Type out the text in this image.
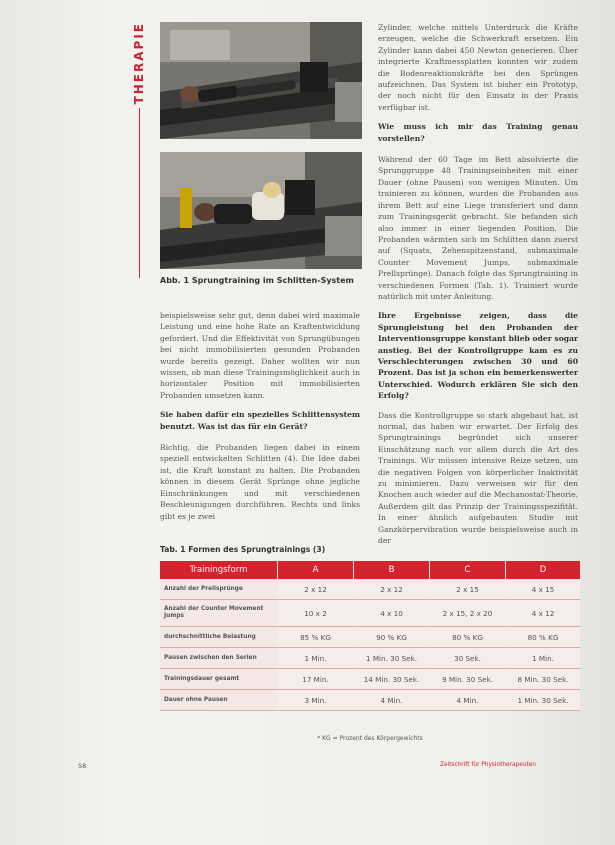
THERAPIE
Abb. 1 Sprungtraining im Schlitten-System

beispielsweise sehr gut, denn dabei wird maximale Leistung und eine hohe Rate an Kraftentwicklung gefordert. Und die Effektivität von Sprungübungen bei nicht immobilisierten gesunden Probanden wurde bereits gezeigt. Daher wollten wir nun wissen, ob man diese Trainingsmöglichkeit auch in horizontaler Position mit immobilisierten Probanden umsetzen kann.

Sie haben dafür ein spezielles Schlittensystem benutzt. Was ist das für ein Gerät?

Richtig, die Probanden liegen dabei in einem speziell entwickelten Schlitten (4). Die Idee dabei ist, die Kraft konstant zu halten. Die Probanden können in diesem Gerät Sprünge ohne jegliche Einschränkungen und mit verschiedenen Beschleunigungen durchführen. Rechts und links gibt es je zwei

Zylinder, welche mittels Unterdruck die Kräfte erzeugen, welche die Schwerkraft ersetzen. Ein Zylinder kann dabei 450 Newton generieren. Über integrierte Kraftmessplatten konnten wir zudem die Bodenreaktionskräfte bei den Sprüngen aufzeichnen. Das System ist bisher ein Prototyp, der noch nicht für den Einsatz in der Praxis verfügbar ist.

Wie muss ich mir das Training genau vorstellen?

Während der 60 Tage im Bett absolvierte die Sprunggruppe 48 Trainingseinheiten mit einer Dauer (ohne Pausen) von wenigen Minuten. Um trainieren zu können, wurden die Probanden aus ihrem Bett auf eine Liege transferiert und dann zum Trainingsgerät gebracht. Sie befanden sich also immer in einer liegenden Position. Die Probanden wärmten sich im Schlitten dann zuerst auf (Squats, Zehenspitzenstand, submaximale Counter Movement Jumps, submaximale Prellsprünge). Danach folgte das Sprungtraining in verschiedenen Formen (Tab. 1). Trainiert wurde natürlich mit unter Anleitung.

Ihre Ergebnisse zeigen, dass die Sprungleistung bei den Probanden der Interventionsgruppe konstant blieb oder sogar anstieg. Bei der Kontrollgruppe kam es zu Verschlechterungen zwischen 30 und 60 Prozent. Das ist ja schon ein bemerkenswerter Unterschied. Wodurch erklären Sie sich den Erfolg?

Dass die Kontrollgruppe so stark abgebaut hat, ist normal, das haben wir erwartet. Der Erfolg des Sprungtrainings begründet sich unserer Einschätzung nach vor allem durch die Art des Trainings. Wir müssen intensive Reize setzen, um die negativen Folgen von körperlicher Inaktivität zu minimieren. Dazu verweisen wir für den Knochen auch wieder auf die Mechanostat-Theorie. Außerdem gilt das Prinzip der Trainingsspezifität. In einer ähnlich aufgebauten Studie mit Ganzkörpervibration wurde beispielsweise auch in der

Tab. 1 Formen des Sprungtrainings (3)
Trainingsform	A	B	C	D
Anzahl der Prellsprünge	2 x 12	2 x 12	2 x 15	4 x 15
Anzahl der Counter Movement Jumps	10 x 2	4 x 10	2 x 15, 2 x 20	4 x 12
durchschnittliche Belastung	85 % KG	90 % KG	80 % KG	80 % KG
Pausen zwischen den Serien	1 Min.	1 Min. 30 Sek.	30 Sek.	1 Min.
Trainingsdauer gesamt	17 Min.	14 Min. 30 Sek.	9 Min. 30 Sek.	8 Min. 30 Sek.
Dauer ohne Pausen	3 Min.	4 Min.	4 Min.	1 Min. 30 Sek.
* KG = Prozent des Körpergewichts
58	Zeitschrift für Physiotherapeuten
